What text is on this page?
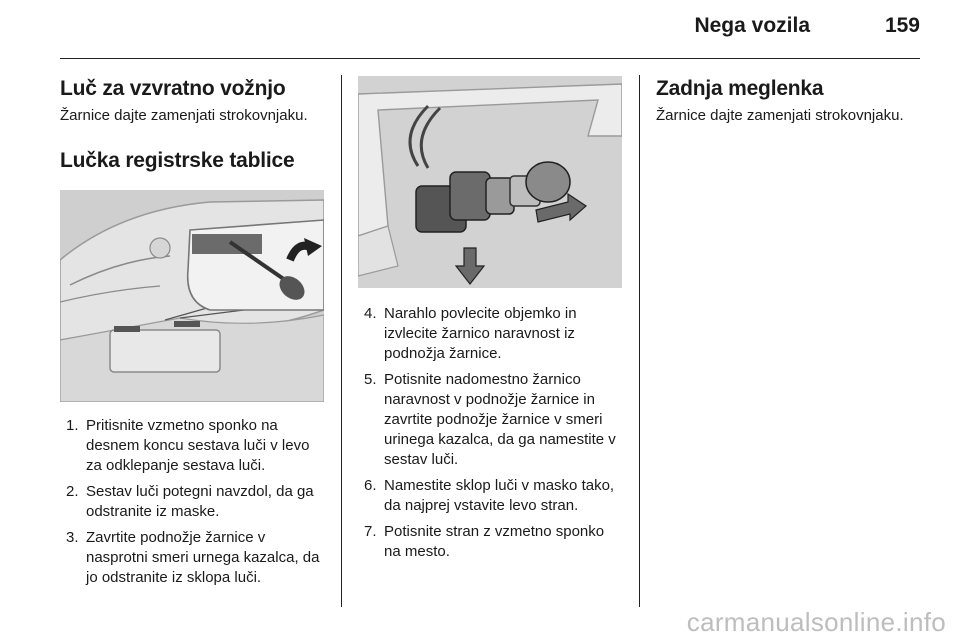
Nega vozila	159
Luč za vzvratno vožnjo

Žarnice dajte zamenjati strokovnjaku.

Lučka registrske tablice
1. Pritisnite vzmetno sponko na desnem koncu sestava luči v levo za odklepanje sestava luči.
2. Sestav luči potegni navzdol, da ga odstranite iz maske.
3. Zavrtite podnožje žarnice v nasprotni smeri urnega kazalca, da jo odstranite iz sklopa luči.
4. Narahlo povlecite objemko in izvlecite žarnico naravnost iz podnožja žarnice.
5. Potisnite nadomestno žarnico naravnost v podnožje žarnice in zavrtite podnožje žarnice v smeri urinega kazalca, da ga namestite v sestav luči.
6. Namestite sklop luči v masko tako, da najprej vstavite levo stran.
7. Potisnite stran z vzmetno sponko na mesto.
Zadnja meglenka

Žarnice dajte zamenjati strokovnjaku.

carmanualsonline.info
